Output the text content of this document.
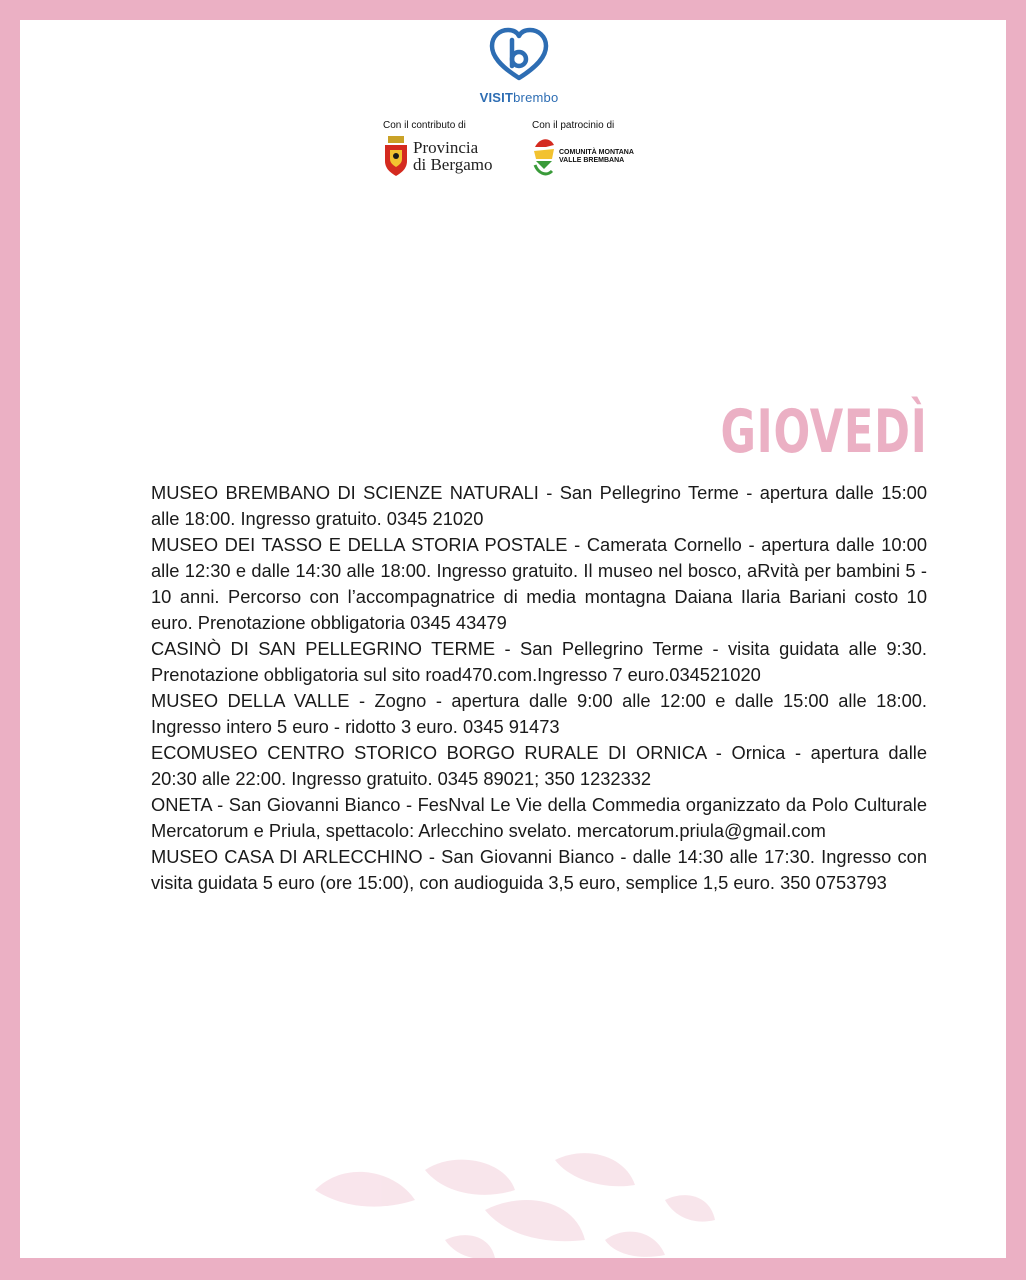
VISITbrembo
Con il contributo di
Provincia
di Bergamo
Con il patrocinio di
COMUNITÀ MONTANA
VALLE BREMBANA
GIOVEDÌ

MUSEO BREMBANO DI SCIENZE NATURALI - San Pellegrino Terme - apertura dalle 15:00 alle 18:00. Ingresso gratuito. 0345 21020

MUSEO DEI TASSO E DELLA STORIA POSTALE - Camerata Cornello - apertura dalle 10:00 alle 12:30 e dalle 14:30 alle 18:00. Ingresso gratuito. Il museo nel bosco, aRvità per bambini 5 - 10 anni. Percorso con l’accompagnatrice di media montagna Daiana Ilaria Bariani costo 10 euro. Prenotazione obbligatoria 0345 43479

CASINÒ DI SAN PELLEGRINO TERME - San Pellegrino Terme - visita guidata alle 9:30. Prenotazione obbligatoria sul sito road470.com.Ingresso 7 euro.034521020

MUSEO DELLA VALLE - Zogno - apertura dalle 9:00 alle 12:00 e dalle 15:00 alle 18:00. Ingresso intero 5 euro - ridotto 3 euro. 0345 91473

ECOMUSEO CENTRO STORICO BORGO RURALE DI ORNICA - Ornica - apertura dalle 20:30 alle 22:00. Ingresso gratuito. 0345 89021; 350 1232332

ONETA - San Giovanni Bianco - FesNval Le Vie della Commedia organizzato da Polo Culturale Mercatorum e Priula, spettacolo: Arlecchino svelato. mercatorum.priula@gmail.com

MUSEO CASA DI ARLECCHINO - San Giovanni Bianco - dalle 14:30 alle 17:30. Ingresso con visita guidata 5 euro (ore 15:00), con audioguida 3,5 euro, semplice 1,5 euro. 350 0753793
